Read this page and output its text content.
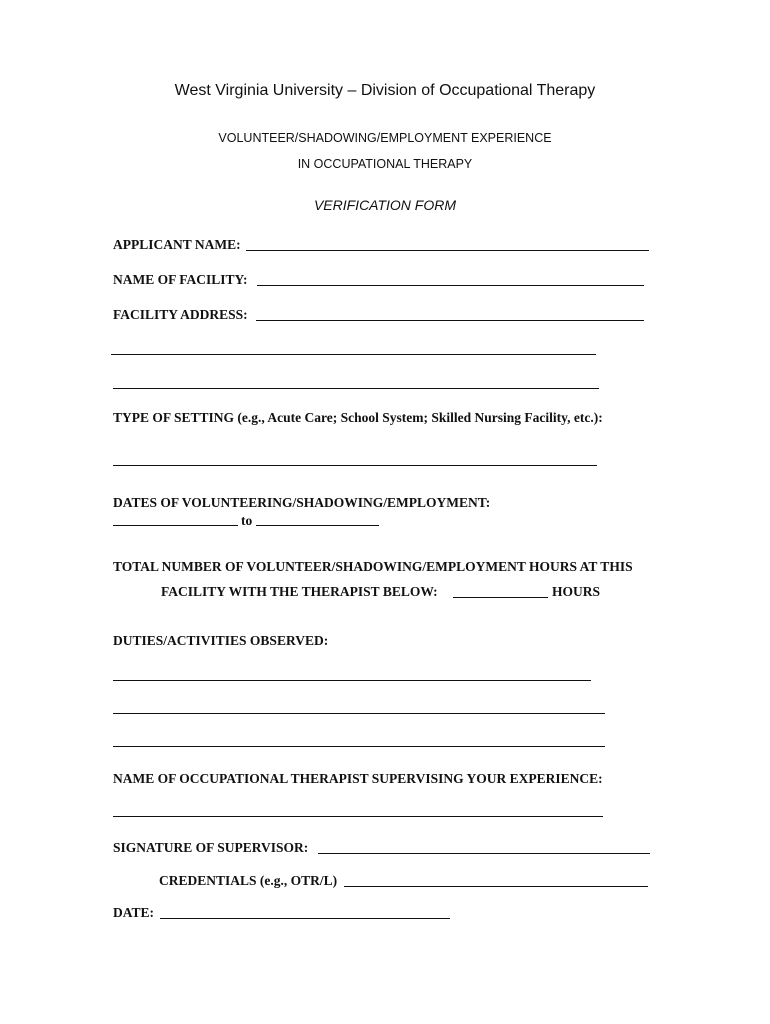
West Virginia University – Division of Occupational Therapy
VOLUNTEER/SHADOWING/EMPLOYMENT EXPERIENCE
IN OCCUPATIONAL THERAPY
VERIFICATION FORM
APPLICANT NAME:
NAME OF FACILITY:
FACILITY ADDRESS:
TYPE OF SETTING (e.g., Acute Care; School System; Skilled Nursing Facility, etc.):
DATES OF VOLUNTEERING/SHADOWING/EMPLOYMENT:
to
TOTAL NUMBER OF VOLUNTEER/SHADOWING/EMPLOYMENT HOURS AT THIS
FACILITY WITH THE THERAPIST BELOW:	HOURS
DUTIES/ACTIVITIES OBSERVED:
NAME OF OCCUPATIONAL THERAPIST SUPERVISING YOUR EXPERIENCE:
SIGNATURE OF SUPERVISOR:
CREDENTIALS (e.g., OTR/L)
DATE:
